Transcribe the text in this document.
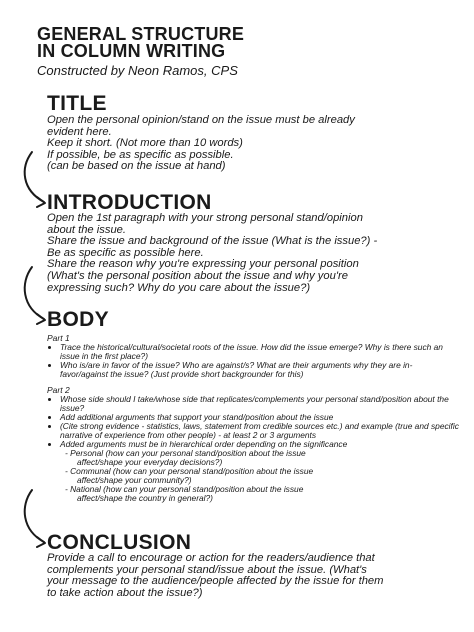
GENERAL STRUCTURE
IN COLUMN WRITING

Constructed by Neon Ramos, CPS

TITLE

Open the personal opinion/stand on the issue must be already

evident here.

Keep it short. (Not more than 10 words)

If possible, be as specific as possible.

(can be based on the issue at hand)

INTRODUCTION

Open the 1st paragraph with your strong personal stand/opinion

about the issue.

Share the issue and background of the issue (What is the issue?) -

Be as specific as possible here.

Share the reason why you're expressing your personal position

(What's the personal position about the issue and why you're

expressing such? Why do you care about the issue?)

BODY

Part 1

• Trace the historical/cultural/societal roots of the issue. How did the issue emerge? Why is there such an issue in the first place?)
• Who is/are in favor of the issue? Who are against/s? What are their arguments why they are in-favor/against the issue? (Just provide short backgrounder for this)

Part 2

• Whose side should I take/whose side that replicates/complements your personal stand/position about the issue?
• Add additional arguments that support your stand/position about the issue
• (Cite strong evidence - statistics, laws, statement from credible sources etc.) and example (true and specific narrative of experience from other people) - at least 2 or 3 arguments
• Added arguments must be in hierarchical order depending on the significance
- Personal (how can your personal stand/position about the issue
affect/shape your everyday decisions?)
- Communal (how can your personal stand/position about the issue
affect/shape your community?)
- National (how can your personal stand/position about the issue
affect/shape the country in general?)
CONCLUSION

Provide a call to encourage or action for the readers/audience that

complements your personal stand/issue about the issue. (What's

your message to the audience/people affected by the issue for them

to take action about the issue?)
